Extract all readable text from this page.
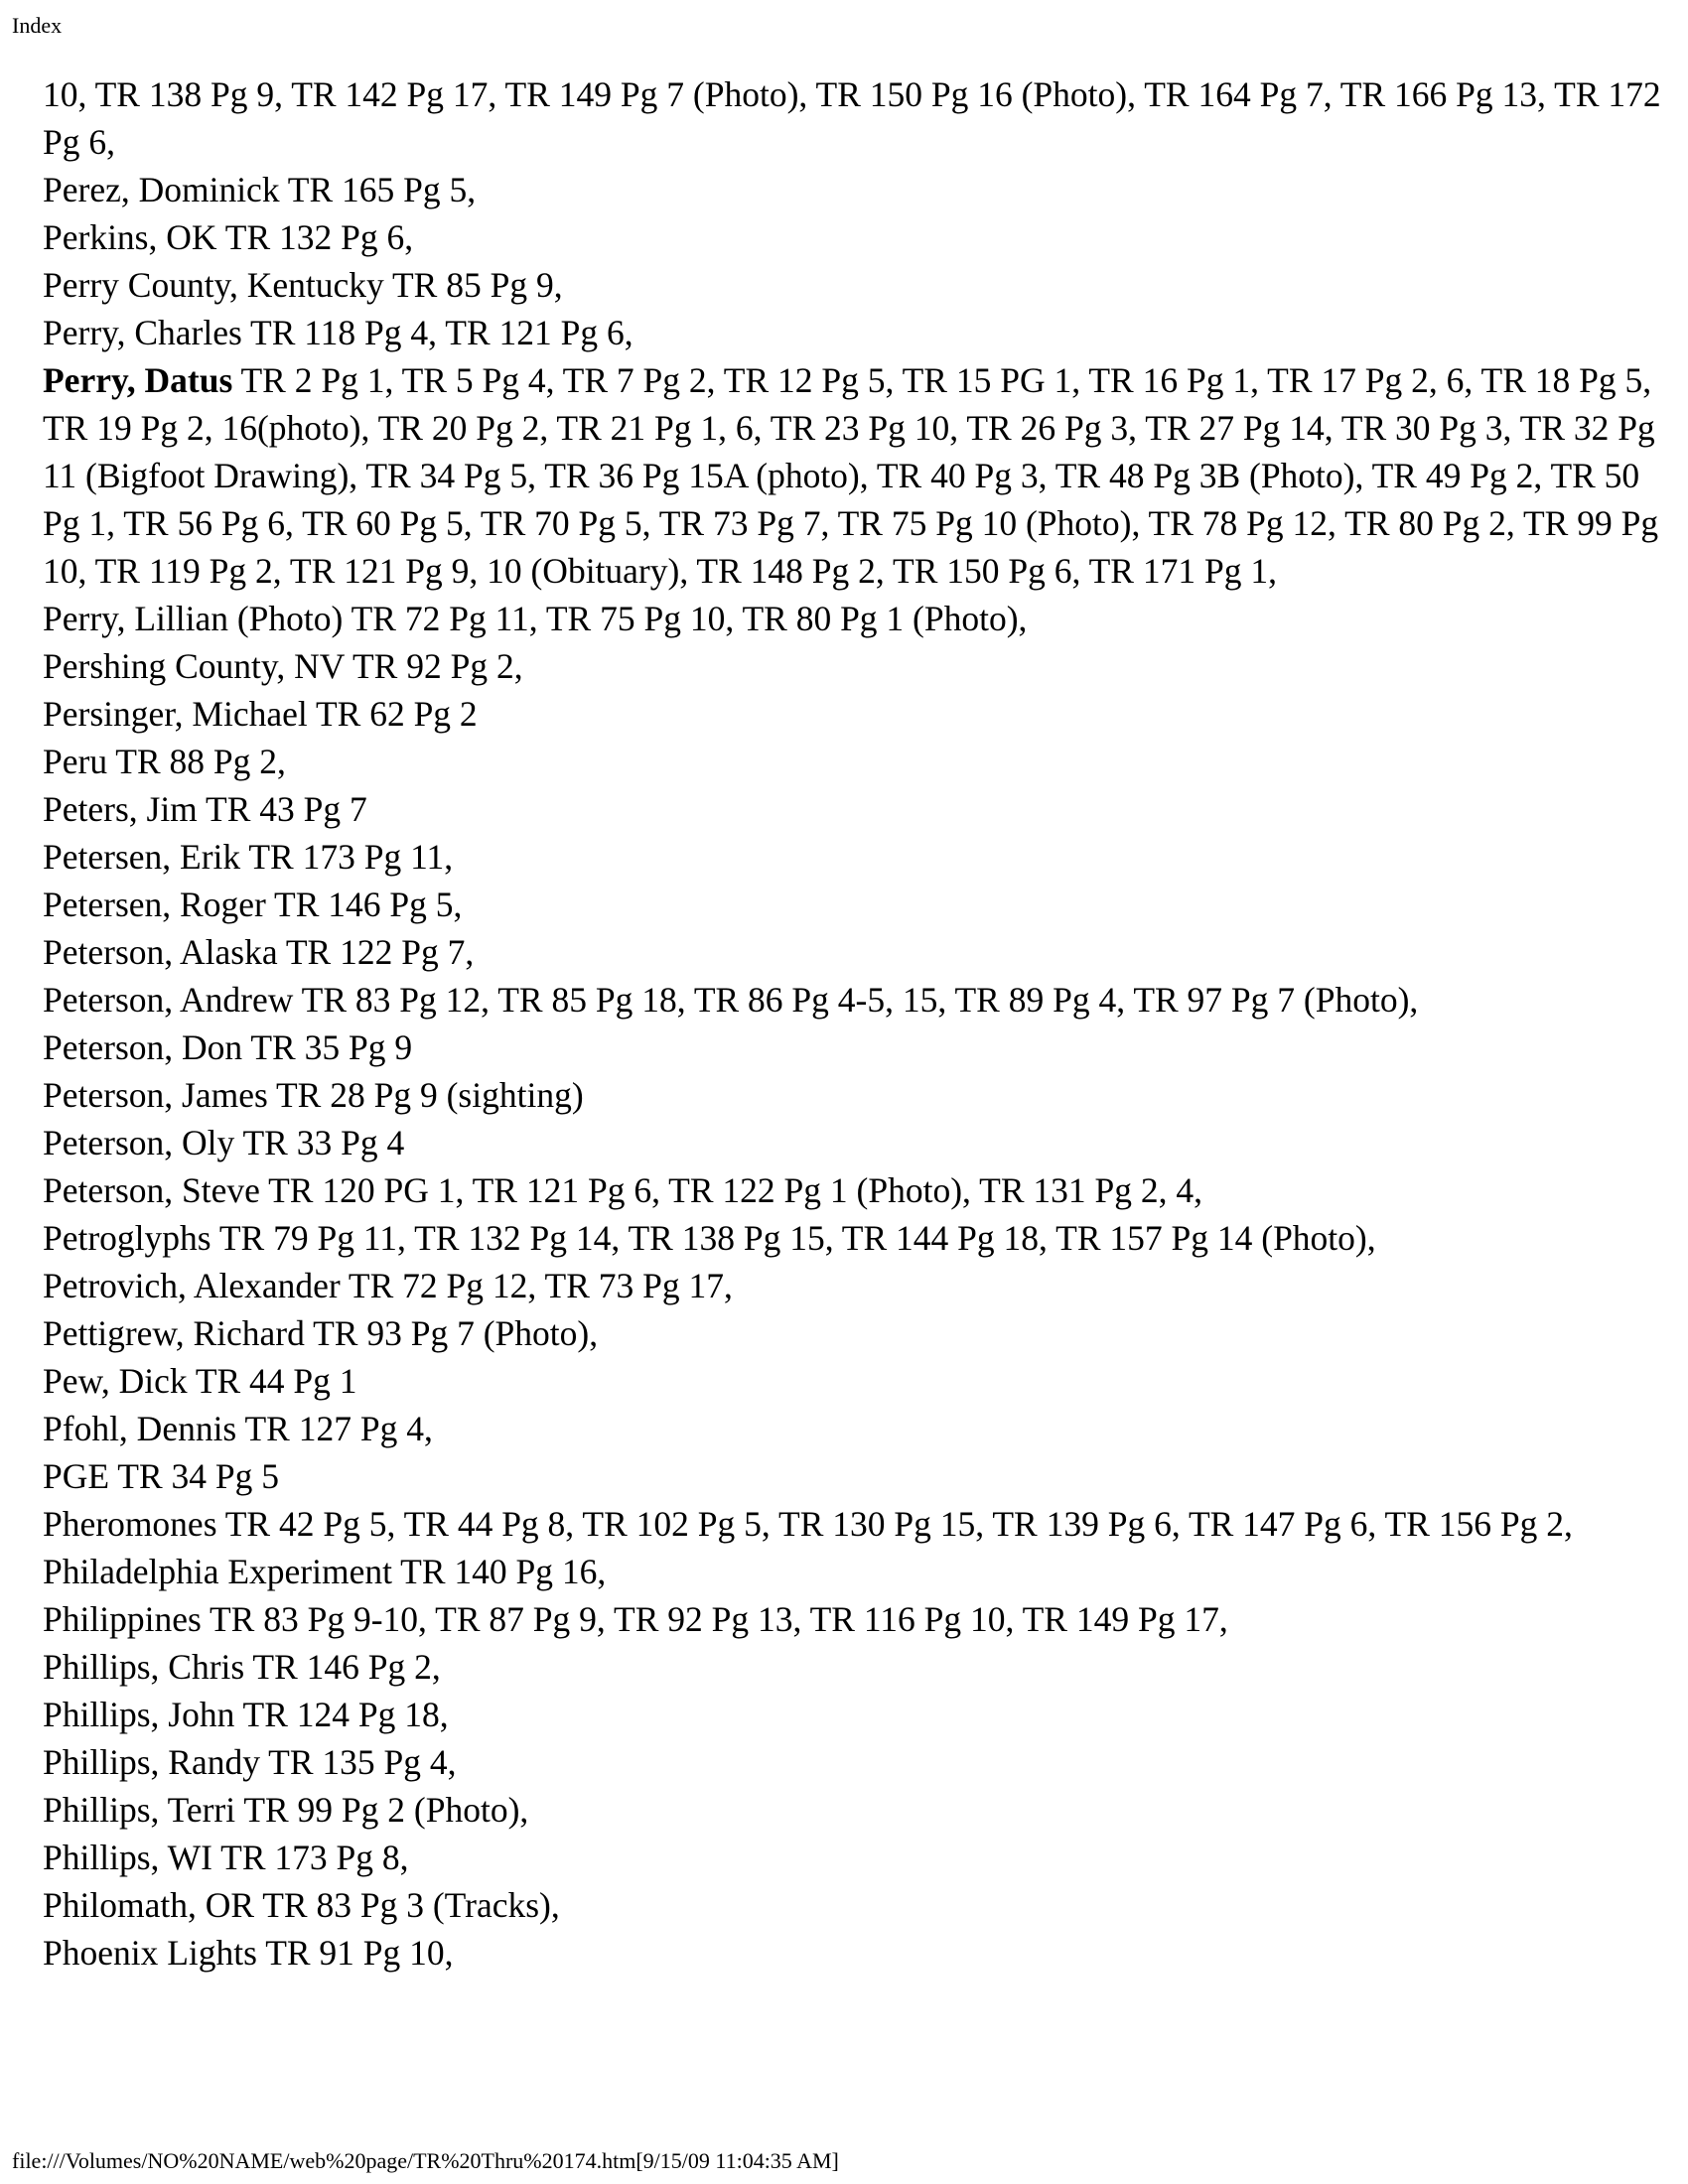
Index

10, TR 138 Pg 9, TR 142 Pg 17, TR 149 Pg 7 (Photo), TR 150 Pg 16 (Photo), TR 164 Pg 7, TR 166 Pg 13, TR 172 Pg 6,

Perez, Dominick TR 165 Pg 5,

Perkins, OK TR 132 Pg 6,

Perry County, Kentucky TR 85 Pg 9,

Perry, Charles TR 118 Pg 4, TR 121 Pg 6,

Perry, Datus TR 2 Pg 1, TR 5 Pg 4, TR 7 Pg 2, TR 12 Pg 5, TR 15 PG 1, TR 16 Pg 1, TR 17 Pg 2, 6, TR 18 Pg 5, TR 19 Pg 2, 16(photo), TR 20 Pg 2, TR 21 Pg 1, 6, TR 23 Pg 10, TR 26 Pg 3, TR 27 Pg 14, TR 30 Pg 3, TR 32 Pg 11 (Bigfoot Drawing), TR 34 Pg 5, TR 36 Pg 15A (photo), TR 40 Pg 3, TR 48 Pg 3B (Photo), TR 49 Pg 2, TR 50 Pg 1, TR 56 Pg 6, TR 60 Pg 5, TR 70 Pg 5, TR 73 Pg 7, TR 75 Pg 10 (Photo), TR 78 Pg 12, TR 80 Pg 2, TR 99 Pg 10, TR 119 Pg 2, TR 121 Pg 9, 10 (Obituary), TR 148 Pg 2, TR 150 Pg 6, TR 171 Pg 1,

Perry, Lillian (Photo) TR 72 Pg 11, TR 75 Pg 10, TR 80 Pg 1 (Photo),

Pershing County, NV TR 92 Pg 2,

Persinger, Michael TR 62 Pg 2

Peru TR 88 Pg 2,

Peters, Jim TR 43 Pg 7

Petersen, Erik TR 173 Pg 11,

Petersen, Roger TR 146 Pg 5,

Peterson, Alaska TR 122 Pg 7,

Peterson, Andrew TR 83 Pg 12, TR 85 Pg 18, TR 86 Pg 4-5, 15, TR 89 Pg 4, TR 97 Pg 7 (Photo),

Peterson, Don TR 35 Pg 9

Peterson, James TR 28 Pg 9 (sighting)

Peterson, Oly TR 33 Pg 4

Peterson, Steve TR 120 PG 1, TR 121 Pg 6, TR 122 Pg 1 (Photo), TR 131 Pg 2, 4,

Petroglyphs TR 79 Pg 11, TR 132 Pg 14, TR 138 Pg 15, TR 144 Pg 18, TR 157 Pg 14 (Photo),

Petrovich, Alexander TR 72 Pg 12, TR 73 Pg 17,

Pettigrew, Richard TR 93 Pg 7 (Photo),

Pew, Dick TR 44 Pg 1

Pfohl, Dennis TR 127 Pg 4,

PGE TR 34 Pg 5

Pheromones TR 42 Pg 5, TR 44 Pg 8, TR 102 Pg 5, TR 130 Pg 15, TR 139 Pg 6, TR 147 Pg 6, TR 156 Pg 2,

Philadelphia Experiment TR 140 Pg 16,

Philippines TR 83 Pg 9-10, TR 87 Pg 9, TR 92 Pg 13, TR 116 Pg 10, TR 149 Pg 17,

Phillips, Chris TR 146 Pg 2,

Phillips, John TR 124 Pg 18,

Phillips, Randy TR 135 Pg 4,

Phillips, Terri TR 99 Pg 2 (Photo),

Phillips, WI TR 173 Pg 8,

Philomath, OR TR 83 Pg 3 (Tracks),

Phoenix Lights TR 91 Pg 10,

file:///Volumes/NO%20NAME/web%20page/TR%20Thru%20174.htm[9/15/09 11:04:35 AM]
